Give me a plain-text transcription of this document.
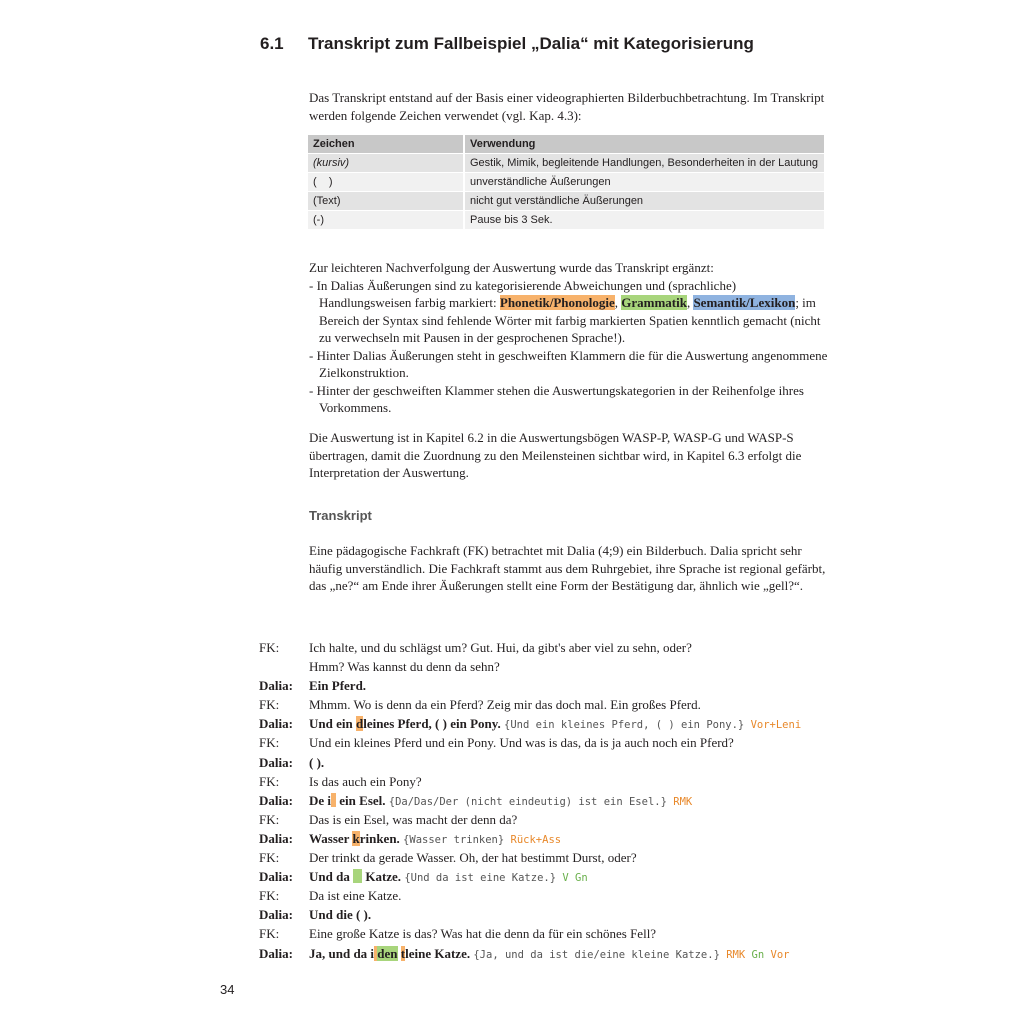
6.1 Transkript zum Fallbeispiel „Dalia“ mit Kategorisierung

Das Transkript entstand auf der Basis einer videographierten Bilderbuchbetrachtung. Im Transkript werden folgende Zeichen verwendet (vgl. Kap. 4.3):

Zeichen	Verwendung
(kursiv)	Gestik, Mimik, begleitende Handlungen, Besonderheiten in der Lautung
(    )	unverständliche Äußerungen
(Text)	nicht gut verständliche Äußerungen
(-)	Pause bis 3 Sek.

Zur leichteren Nachverfolgung der Auswertung wurde das Transkript ergänzt:

- In Dalias Äußerungen sind zu kategorisierende Abweichungen und (sprachliche) Handlungsweisen farbig markiert: Phonetik/Phonologie, Grammatik, Semantik/Lexikon; im Bereich der Syntax sind fehlende Wörter mit farbig markierten Spatien kenntlich gemacht (nicht zu verwechseln mit Pausen in der gesprochenen Sprache!).
- Hinter Dalias Äußerungen steht in geschweiften Klammern die für die Auswertung angenommene Zielkonstruktion.
- Hinter der geschweiften Klammer stehen die Auswertungskategorien in der Reihenfolge ihres Vorkommens.

Die Auswertung ist in Kapitel 6.2 in die Auswertungsbögen WASP-P, WASP-G und WASP-S übertragen, damit die Zuordnung zu den Meilensteinen sichtbar wird, in Kapitel 6.3 erfolgt die Interpretation der Auswertung.

Transkript

Eine pädagogische Fachkraft (FK) betrachtet mit Dalia (4;9) ein Bilderbuch. Dalia spricht sehr häufig unverständlich. Die Fachkraft stammt aus dem Ruhrgebiet, ihre Sprache ist regional gefärbt, das „ne?“ am Ende ihrer Äußerungen stellt eine Form der Bestätigung dar, ähnlich wie „gell?“.

FK:	Ich halte, und du schlägst um? Gut. Hui, da gibt's aber viel zu sehn, oder?
Hmm? Was kannst du denn da sehn?
Dalia:	Ein Pferd.
FK:	Mhmm. Wo is denn da ein Pferd? Zeig mir das doch mal. Ein großes Pferd.
Dalia:	Und ein dleines Pferd, ( ) ein Pony. {Und ein kleines Pferd, ( ) ein Pony.} Vor+Leni
FK:	Und ein kleines Pferd und ein Pony. Und was is das, da is ja auch noch ein Pferd?
Dalia:	( ).
FK:	Is das auch ein Pony?
Dalia:	De i ein Esel. {Da/Das/Der (nicht eindeutig) ist ein Esel.} RMK
FK:	Das is ein Esel, was macht der denn da?
Dalia:	Wasser krinken. {Wasser trinken} Rück+Ass
FK:	Der trinkt da gerade Wasser. Oh, der hat bestimmt Durst, oder?
Dalia:	Und da  Katze. {Und da ist eine Katze.} V Gn
FK:	Da ist eine Katze.
Dalia:	Und die ( ).
FK:	Eine große Katze is das? Was hat die denn da für ein schönes Fell?
Dalia:	Ja, und da i den tleine Katze. {Ja, und da ist die/eine kleine Katze.} RMK Gn Vor
34
